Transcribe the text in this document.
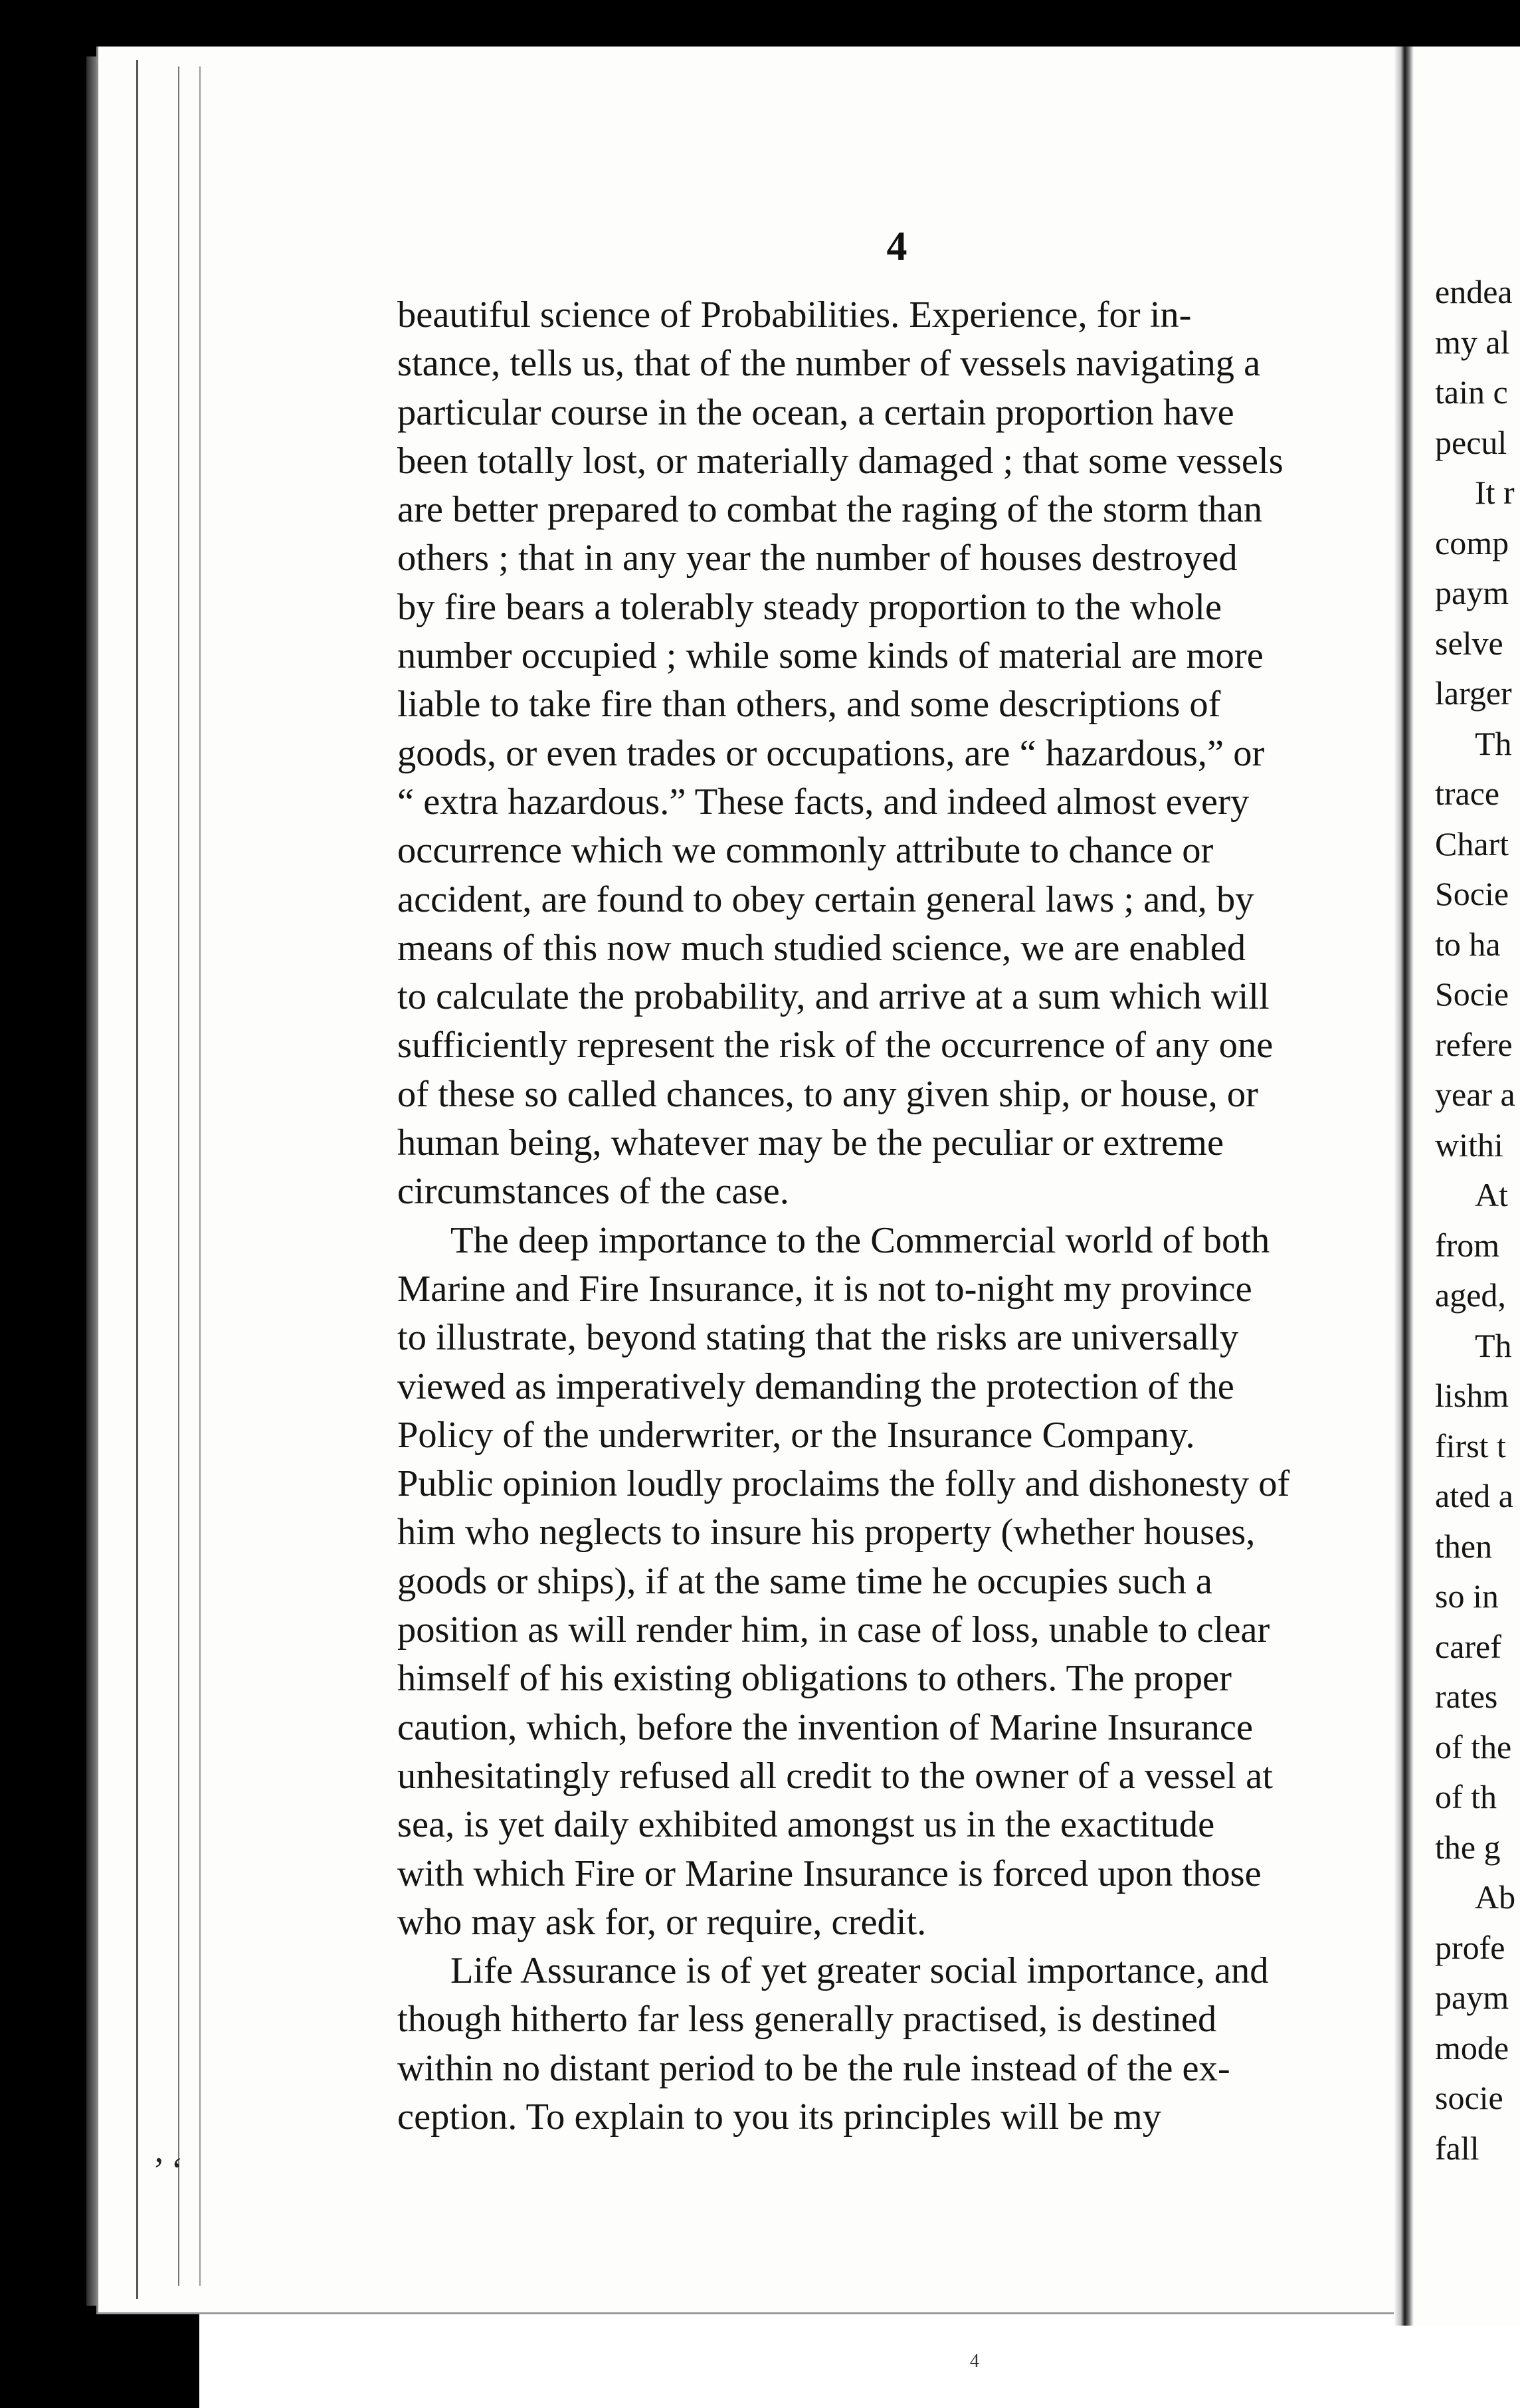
4
beautiful science of Probabilities. Experience, for in-
stance, tells us, that of the number of vessels navigating a
particular course in the ocean, a certain proportion have
been totally lost, or materially damaged ; that some vessels
are better prepared to combat the raging of the storm than
others ; that in any year the number of houses destroyed
by fire bears a tolerably steady proportion to the whole
number occupied ; while some kinds of material are more
liable to take fire than others, and some descriptions of
goods, or even trades or occupations, are “ hazardous,” or
“ extra hazardous.” These facts, and indeed almost every
occurrence which we commonly attribute to chance or
accident, are found to obey certain general laws ; and, by
means of this now much studied science, we are enabled
to calculate the probability, and arrive at a sum which will
sufficiently represent the risk of the occurrence of any one
of these so called chances, to any given ship, or house, or
human being, whatever may be the peculiar or extreme
circumstances of the case.
The deep importance to the Commercial world of both
Marine and Fire Insurance, it is not to-night my province
to illustrate, beyond stating that the risks are universally
viewed as imperatively demanding the protection of the
Policy of the underwriter, or the Insurance Company.
Public opinion loudly proclaims the folly and dishonesty of
him who neglects to insure his property (whether houses,
goods or ships), if at the same time he occupies such a
position as will render him, in case of loss, unable to clear
himself of his existing obligations to others. The proper
caution, which, before the invention of Marine Insurance
unhesitatingly refused all credit to the owner of a vessel at
sea, is yet daily exhibited amongst us in the exactitude
with which Fire or Marine Insurance is forced upon those
who may ask for, or require, credit.
Life Assurance is of yet greater social importance, and
though hitherto far less generally practised, is destined
within no distant period to be the rule instead of the ex-
ception. To explain to you its principles will be my
endea
my al
tain c
pecul
It r
comp
paym
selve
larger
Th
trace
Chart
Socie
to ha
Socie
refere
year a
withi
At
from
aged,
Th
lishm
first t
ated a
then
so in
caref
rates
of the
of th
the g
Ab
profe
paym
mode
socie
fall
’ ‘
4
